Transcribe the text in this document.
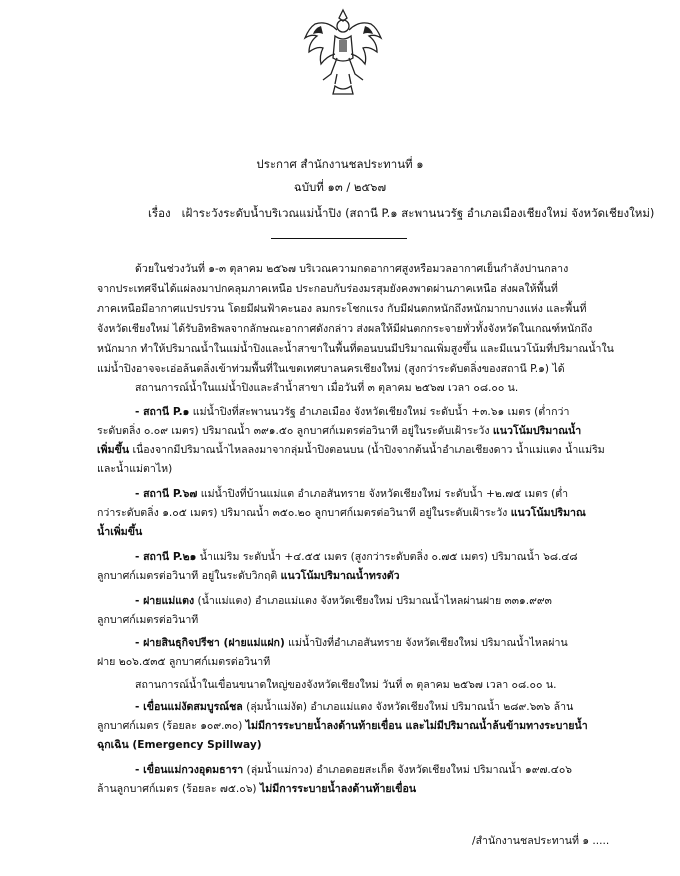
ประกาศ สำนักงานชลประทานที่ ๑
ฉบับที่ ๑๓ / ๒๕๖๗
เรื่อง เฝ้าระวังระดับน้ำบริเวณแม่น้ำปิง (สถานี P.๑ สะพานนวรัฐ อำเภอเมืองเชียงใหม่ จังหวัดเชียงใหม่)
ด้วยในช่วงวันที่ ๑-๓ ตุลาคม ๒๕๖๗ บริเวณความกดอากาศสูงหรือมวลอากาศเย็นกำลังปานกลาง
จากประเทศจีนได้แผ่ลงมาปกคลุมภาคเหนือ ประกอบกับร่องมรสุมยังคงพาดผ่านภาคเหนือ ส่งผลให้พื้นที่
ภาคเหนือมีอากาศแปรปรวน โดยมีฝนฟ้าคะนอง ลมกระโชกแรง กับมีฝนตกหนักถึงหนักมากบางแห่ง และพื้นที่
จังหวัดเชียงใหม่ ได้รับอิทธิพลจากลักษณะอากาศดังกล่าว ส่งผลให้มีฝนตกกระจายทั่วทั้งจังหวัดในเกณฑ์หนักถึง
หนักมาก ทำให้ปริมาณน้ำในแม่น้ำปิงและน้ำสาขาในพื้นที่ตอนบนมีปริมาณเพิ่มสูงขึ้น และมีแนวโน้มที่ปริมาณน้ำใน
แม่น้ำปิงอาจจะเอ่อล้นตลิ่งเข้าท่วมพื้นที่ในเขตเทศบาลนครเชียงใหม่ (สูงกว่าระดับตลิ่งของสถานี P.๑) ได้
สถานการณ์น้ำในแม่น้ำปิงและลำน้ำสาขา เมื่อวันที่ ๓ ตุลาคม ๒๕๖๗ เวลา ๐๘.๐๐ น.
- สถานี P.๑ แม่น้ำปิงที่สะพานนวรัฐ อำเภอเมือง จังหวัดเชียงใหม่ ระดับน้ำ +๓.๖๑ เมตร (ต่ำกว่า
ระดับตลิ่ง ๐.๐๙ เมตร) ปริมาณน้ำ ๓๙๑.๕๐ ลูกบาศก์เมตรต่อวินาที อยู่ในระดับเฝ้าระวัง แนวโน้มปริมาณน้ำ
เพิ่มขึ้น เนื่องจากมีปริมาณน้ำไหลลงมาจากลุ่มน้ำปิงตอนบน (น้ำปิงจากต้นน้ำอำเภอเชียงดาว น้ำแม่แตง น้ำแม่ริม
และน้ำแม่ตาไห)
- สถานี P.๖๗ แม่น้ำปิงที่บ้านแม่แต อำเภอสันทราย จังหวัดเชียงใหม่ ระดับน้ำ +๒.๗๕ เมตร (ต่ำ
กว่าระดับตลิ่ง ๑.๐๕ เมตร) ปริมาณน้ำ ๓๕๐.๒๐ ลูกบาศก์เมตรต่อวินาที อยู่ในระดับเฝ้าระวัง แนวโน้มปริมาณ
น้ำเพิ่มขึ้น
- สถานี P.๒๑ น้ำแม่ริม ระดับน้ำ +๔.๕๕ เมตร (สูงกว่าระดับตลิ่ง ๐.๗๕ เมตร) ปริมาณน้ำ ๖๘.๔๘
ลูกบาศก์เมตรต่อวินาที อยู่ในระดับวิกฤติ แนวโน้มปริมาณน้ำทรงตัว
- ฝายแม่แตง (น้ำแม่แตง) อำเภอแม่แตง จังหวัดเชียงใหม่ ปริมาณน้ำไหลผ่านฝาย ๓๓๑.๙๙๓
ลูกบาศก์เมตรต่อวินาที
- ฝายสินธุกิจปรีชา (ฝายแม่แฝก) แม่น้ำปิงที่อำเภอสันทราย จังหวัดเชียงใหม่ ปริมาณน้ำไหลผ่าน
ฝาย ๒๐๖.๕๓๕ ลูกบาศก์เมตรต่อวินาที
สถานการณ์น้ำในเขื่อนขนาดใหญ่ของจังหวัดเชียงใหม่ วันที่ ๓ ตุลาคม ๒๕๖๗ เวลา ๐๘.๐๐ น.
- เขื่อนแม่งัดสมบูรณ์ชล (ลุ่มน้ำแม่งัด) อำเภอแม่แตง จังหวัดเชียงใหม่ ปริมาณน้ำ ๒๘๙.๖๓๖ ล้าน
ลูกบาศก์เมตร (ร้อยละ ๑๐๙.๓๐) ไม่มีการระบายน้ำลงด้านท้ายเขื่อน และไม่มีปริมาณน้ำล้นข้ามทางระบายน้ำ
ฉุกเฉิน (Emergency Spillway)
- เขื่อนแม่กวงอุดมธารา (ลุ่มน้ำแม่กวง) อำเภอดอยสะเก็ด จังหวัดเชียงใหม่ ปริมาณน้ำ ๑๙๗.๔๐๖
ล้านลูกบาศก์เมตร (ร้อยละ ๗๕.๐๖) ไม่มีการระบายน้ำลงด้านท้ายเขื่อน
/สำนักงานชลประทานที่ ๑ .....
